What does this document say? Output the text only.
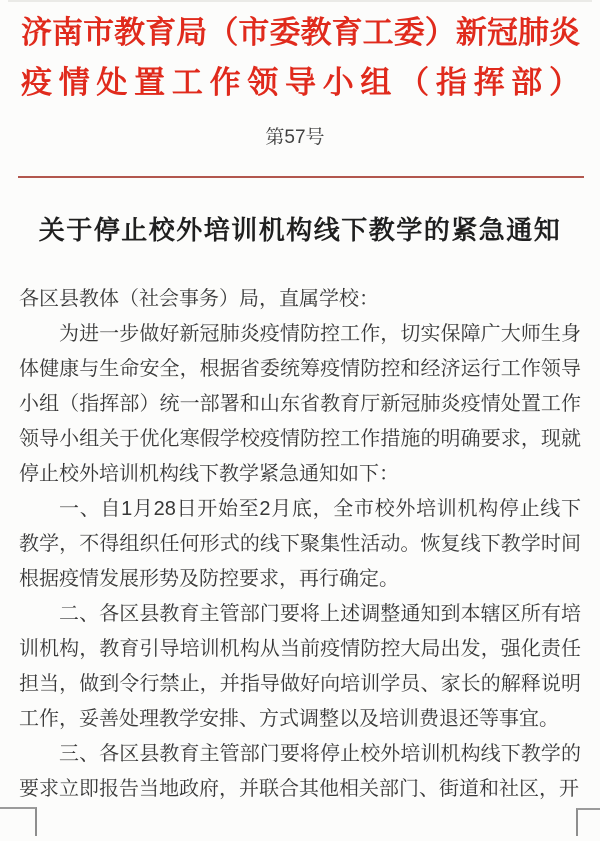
济南市教育局（市委教育工委）新冠肺炎
疫情处置工作领导小组（指挥部）
第57号
关于停止校外培训机构线下教学的紧急通知

各区县教体（社会事务）局，直属学校：

为进一步做好新冠肺炎疫情防控工作，切实保障广大师生身体健康与生命安全，根据省委统筹疫情防控和经济运行工作领导小组（指挥部）统一部署和山东省教育厅新冠肺炎疫情处置工作领导小组关于优化寒假学校疫情防控工作措施的明确要求，现就停止校外培训机构线下教学紧急通知如下：

一、自1月28日开始至2月底，全市校外培训机构停止线下教学，不得组织任何形式的线下聚集性活动。恢复线下教学时间根据疫情发展形势及防控要求，再行确定。

二、各区县教育主管部门要将上述调整通知到本辖区所有培训机构，教育引导培训机构从当前疫情防控大局出发，强化责任担当，做到令行禁止，并指导做好向培训学员、家长的解释说明工作，妥善处理教学安排、方式调整以及培训费退还等事宜。

三、各区县教育主管部门要将停止校外培训机构线下教学的要求立即报告当地政府，并联合其他相关部门、街道和社区，开
